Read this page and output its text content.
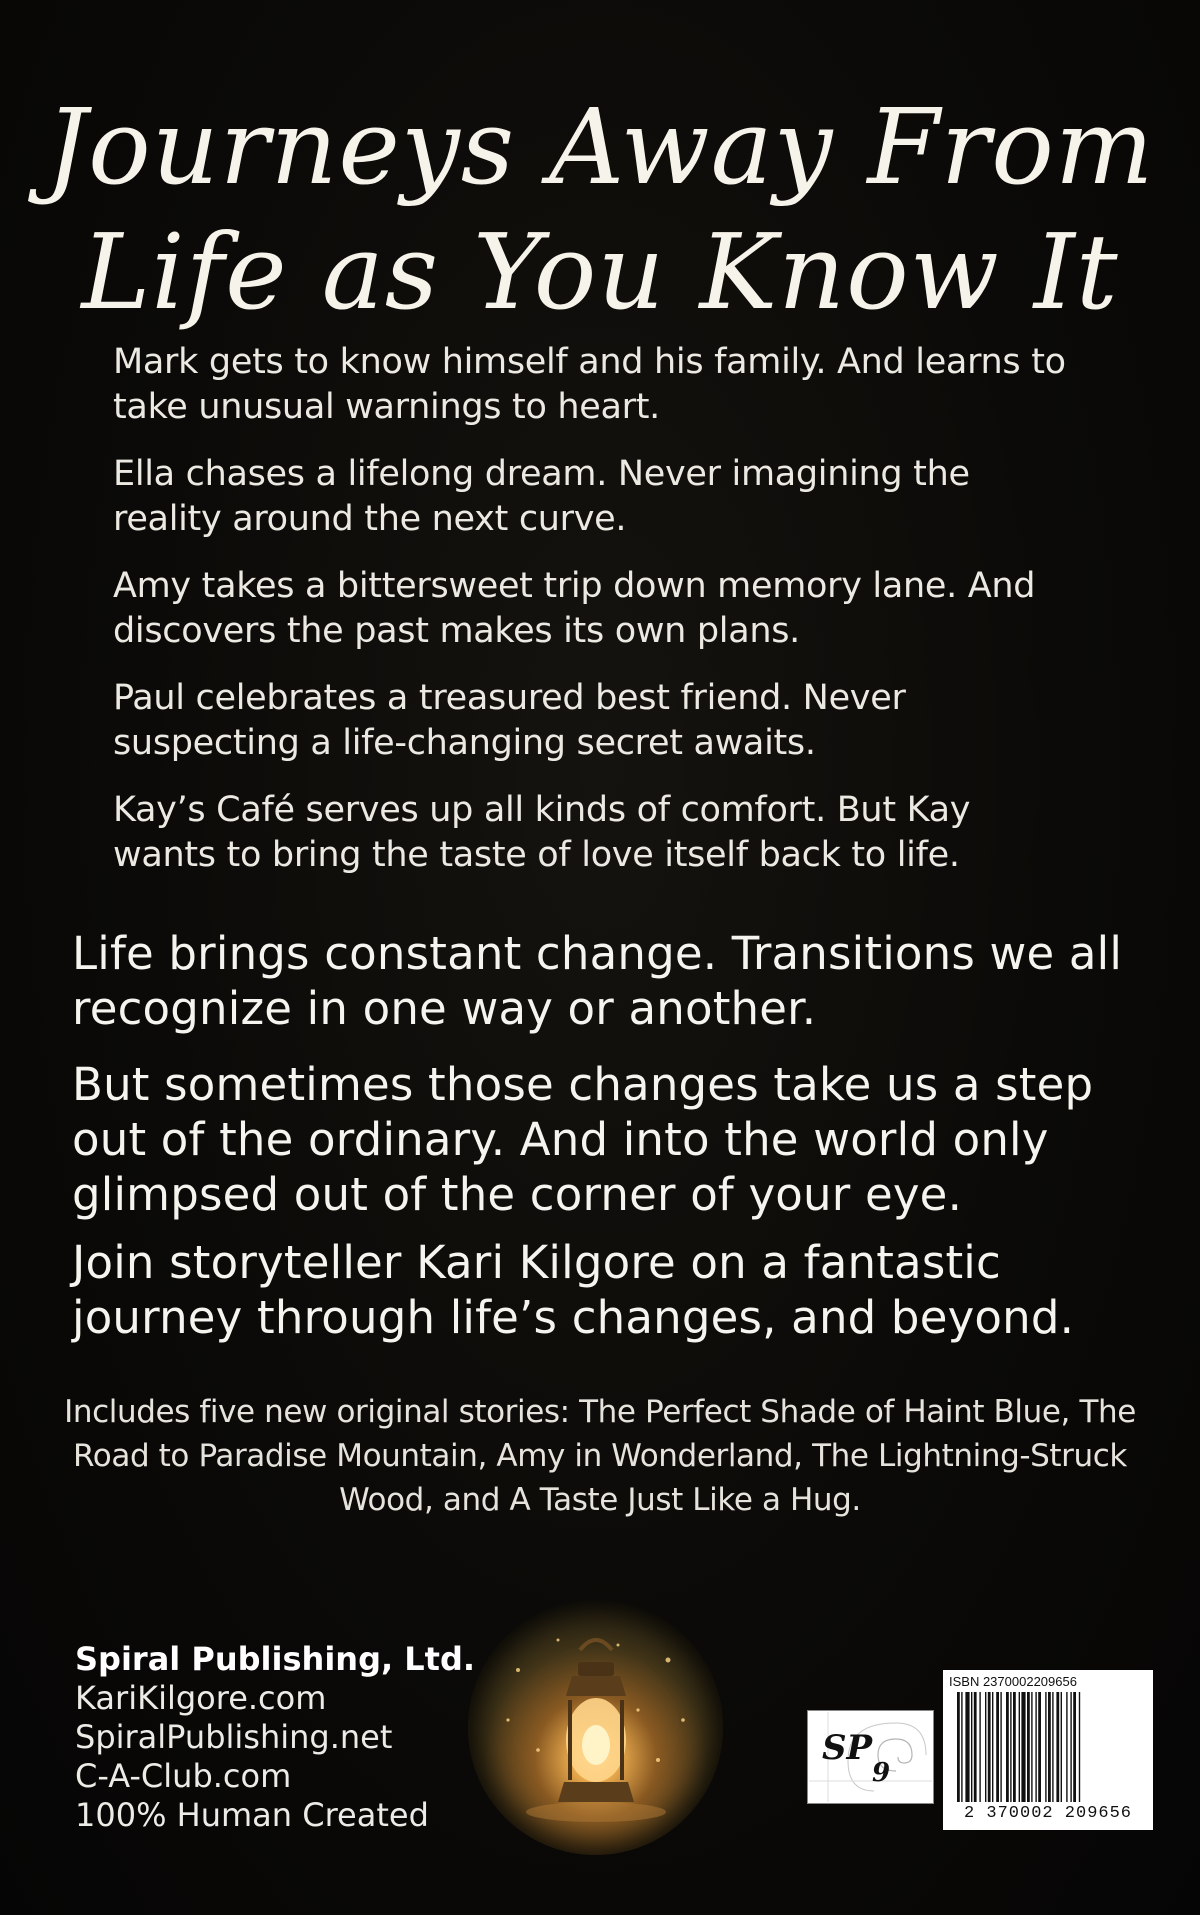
Journeys Away From
Life as You Know It

Mark gets to know himself and his family. And learns to take unusual warnings to heart.

Ella chases a lifelong dream. Never imagining the reality around the next curve.

Amy takes a bittersweet trip down memory lane. And discovers the past makes its own plans.

Paul celebrates a treasured best friend. Never suspecting a life-changing secret awaits.

Kay’s Café serves up all kinds of comfort. But Kay wants to bring the taste of love itself back to life.

Life brings constant change. Transitions we all recognize in one way or another.
But sometimes those changes take us a step out of the ordinary. And into the world only glimpsed out of the corner of your eye.
Join storyteller Kari Kilgore on a fantastic journey through life’s changes, and beyond.
Includes five new original stories: The Perfect Shade of Haint Blue, The Road to Paradise Mountain, Amy in Wonderland, The Lightning-Struck Wood, and A Taste Just Like a Hug.
Spiral Publishing, Ltd.
KariKilgore.com
SpiralPublishing.net
C-A-Club.com
100% Human Created
SP
9
ISBN 2370002209656
2 370002 209656
